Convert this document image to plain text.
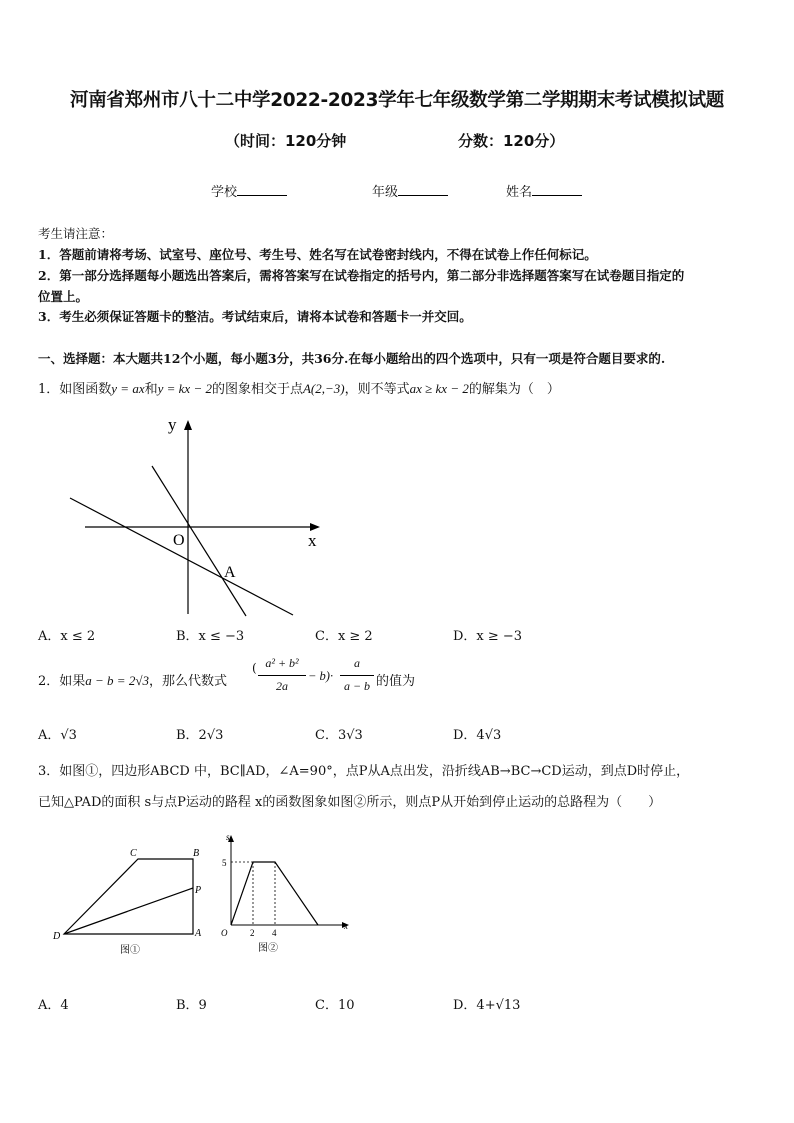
河南省郑州市八十二中学2022-2023学年七年级数学第二学期期末考试模拟试题
（时间：120分钟	分数：120分）
学校	年级	姓名
考生请注意：
1．答题前请将考场、试室号、座位号、考生号、姓名写在试卷密封线内，不得在试卷上作任何标记。
2．第一部分选择题每小题选出答案后，需将答案写在试卷指定的括号内，第二部分非选择题答案写在试卷题目指定的
位置上。
3．考生必须保证答题卡的整洁。考试结束后，请将本试卷和答题卡一并交回。
一、选择题：本大题共12个小题，每小题3分，共36分.在每小题给出的四个选项中，只有一项是符合题目要求的.
1．如图函数y = ax和y = kx − 2的图象相交于点A(2,−3)，则不等式ax ≥ kx − 2的解集为（　）
y
x
O
A
A．x ≤ 2	B．x ≤ −3	C．x ≥ 2	D．x ≥ −3
2．如果a − b = 2√3，那么代数式
( a² + b²
2a
− b)·
a
a − b 的值为
A．√3	B．2√3	C．3√3	D．4√3
3．如图①，四边形ABCD 中，BC∥AD，∠A=90°，点P从A点出发，沿折线AB→BC→CD运动，到点D时停止，
已知△PAD的面积 s与点P运动的路程 x的函数图象如图②所示，则点P从开始到停止运动的总路程为（　　）
C	B
P
D	A
图①
s
5
O	2 4
x
图②
A．4	B．9	C．10	D．4+√13
